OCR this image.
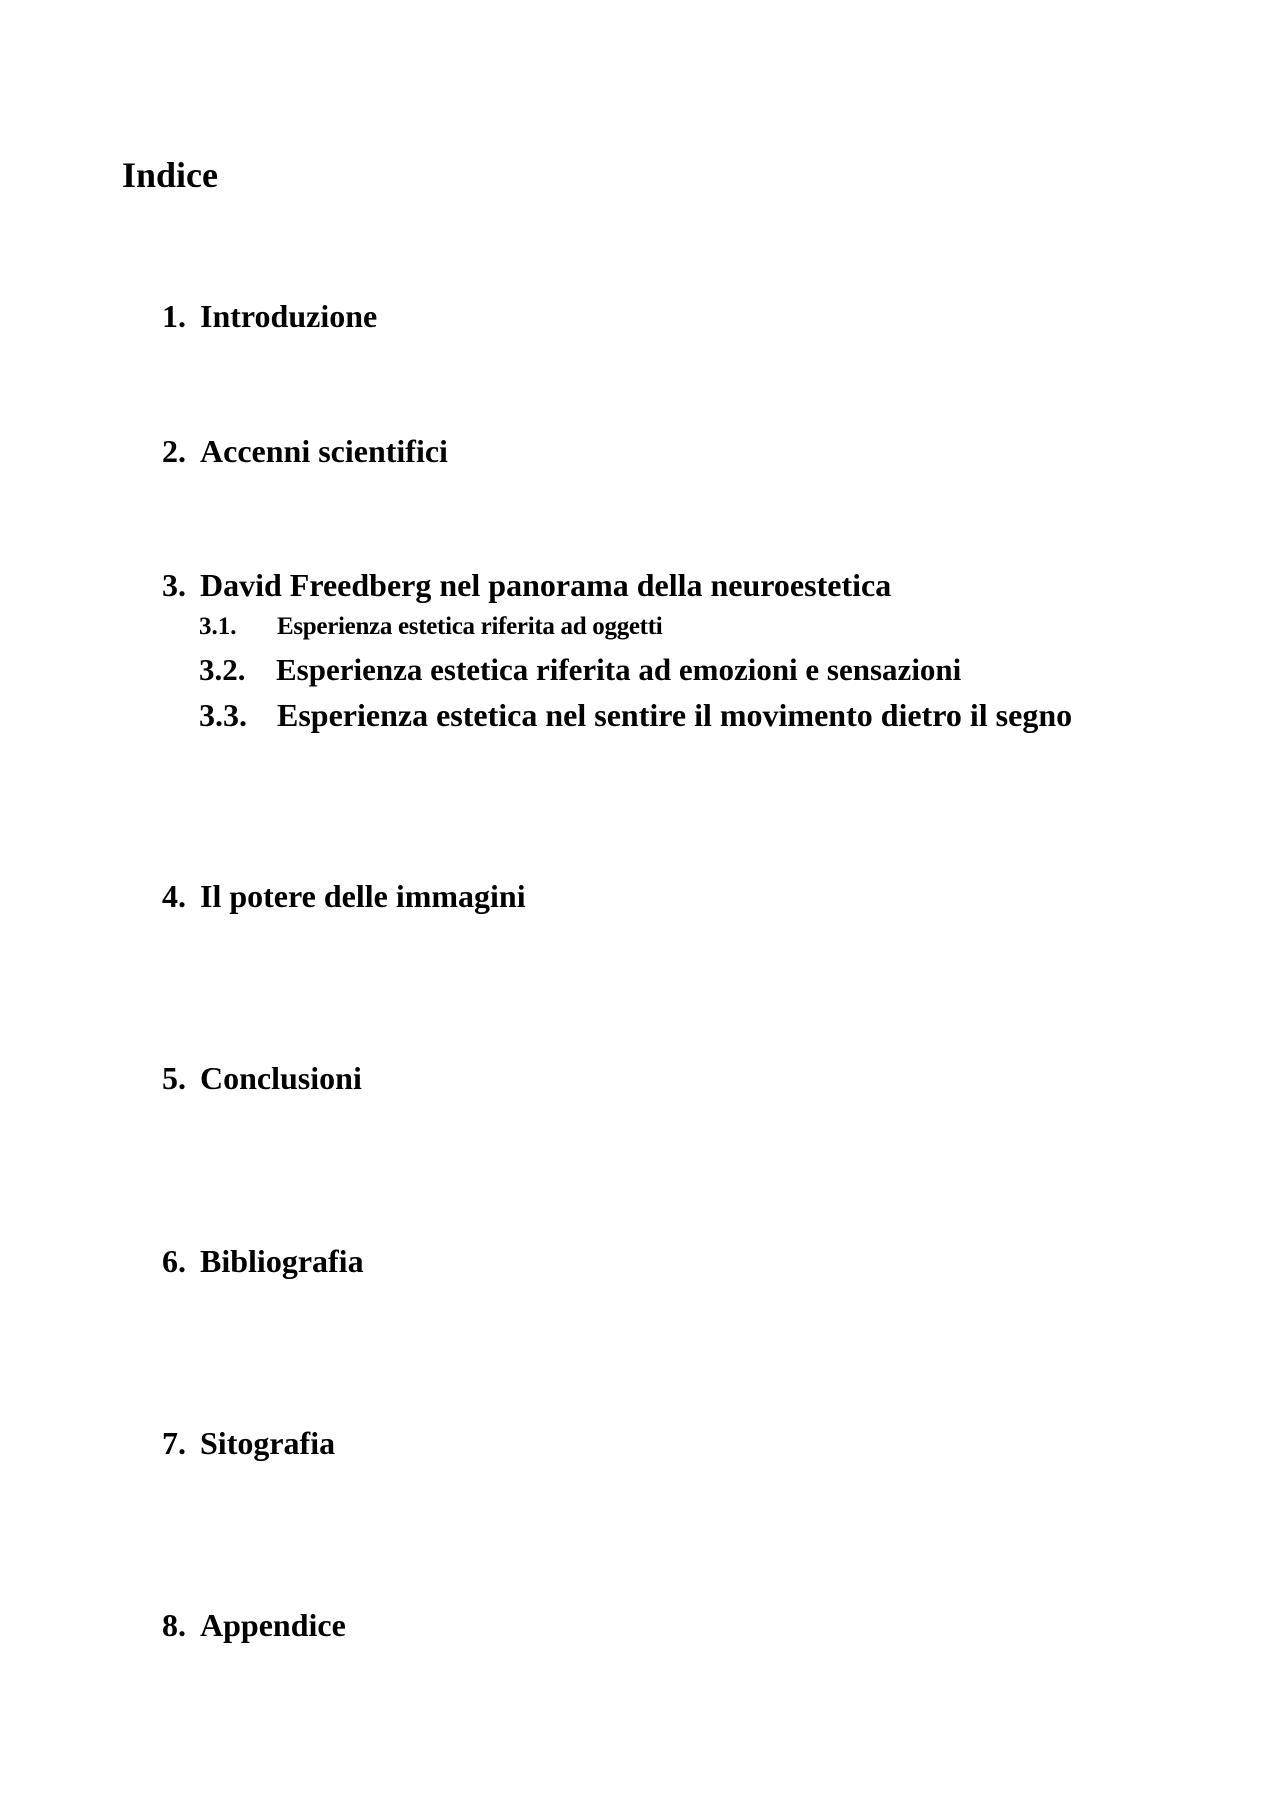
Indice
1. Introduzione
2. Accenni scientifici
3. David Freedberg nel panorama della neuroestetica
3.1.	Esperienza estetica riferita ad oggetti
3.2. Esperienza estetica riferita ad emozioni e sensazioni
3.3. Esperienza estetica nel sentire il movimento dietro il segno
4. Il potere delle immagini
5. Conclusioni
6. Bibliografia
7. Sitografia
8. Appendice
